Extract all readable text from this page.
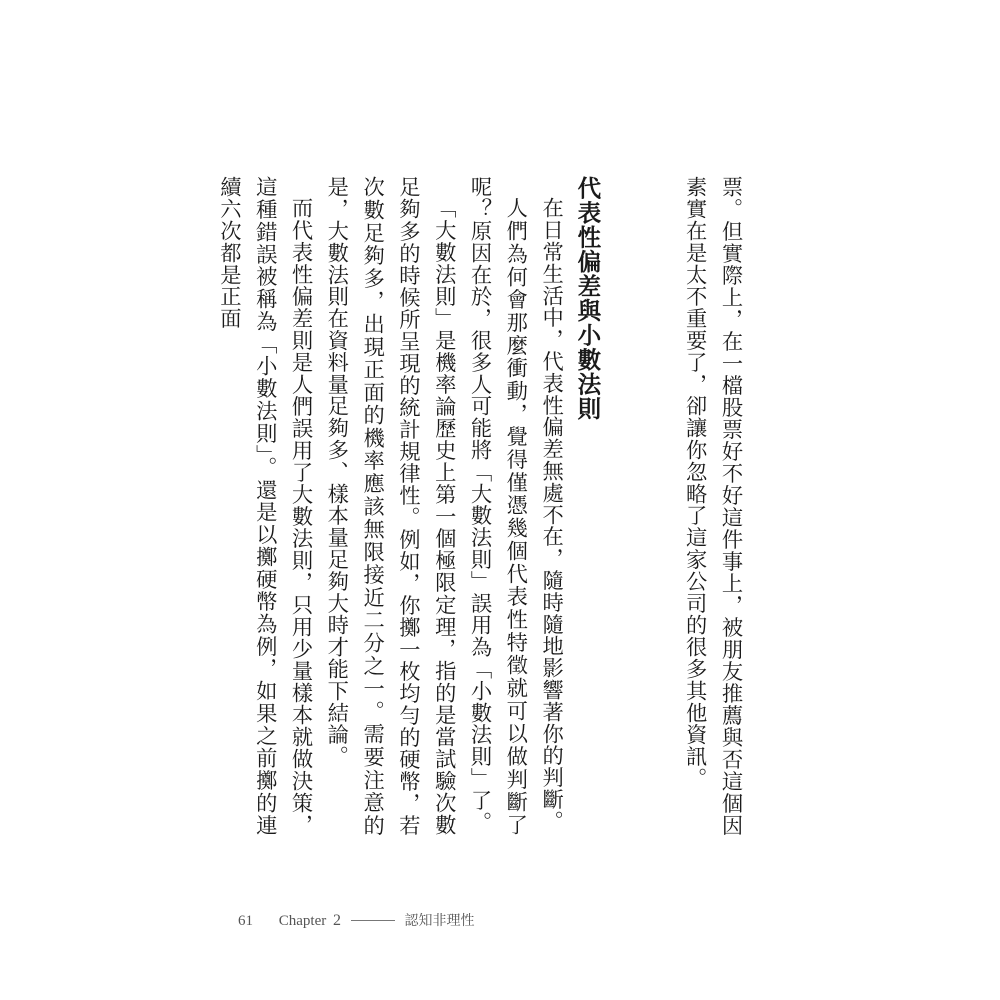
票。但實際上，在一檔股票好不好這件事上，被朋友推薦與否這個因素實在是太不重要了，卻讓你忽略了這家公司的很多其他資訊。

代表性偏差與小數法則

在日常生活中，代表性偏差無處不在，隨時隨地影響著你的判斷。

人們為何會那麼衝動，覺得僅憑幾個代表性特徵就可以做判斷了呢？原因在於，很多人可能將「大數法則」誤用為「小數法則」了。

「大數法則」是機率論歷史上第一個極限定理，指的是當試驗次數足夠多的時候所呈現的統計規律性。例如，你擲一枚均勻的硬幣，若次數足夠多，出現正面的機率應該無限接近二分之一。需要注意的是，大數法則在資料量足夠多、樣本量足夠大時才能下結論。

而代表性偏差則是人們誤用了大數法則，只用少量樣本就做決策，這種錯誤被稱為「小數法則」。還是以擲硬幣為例，如果之前擲的連續六次都是正面

61 Chapter 2	認知非理性
